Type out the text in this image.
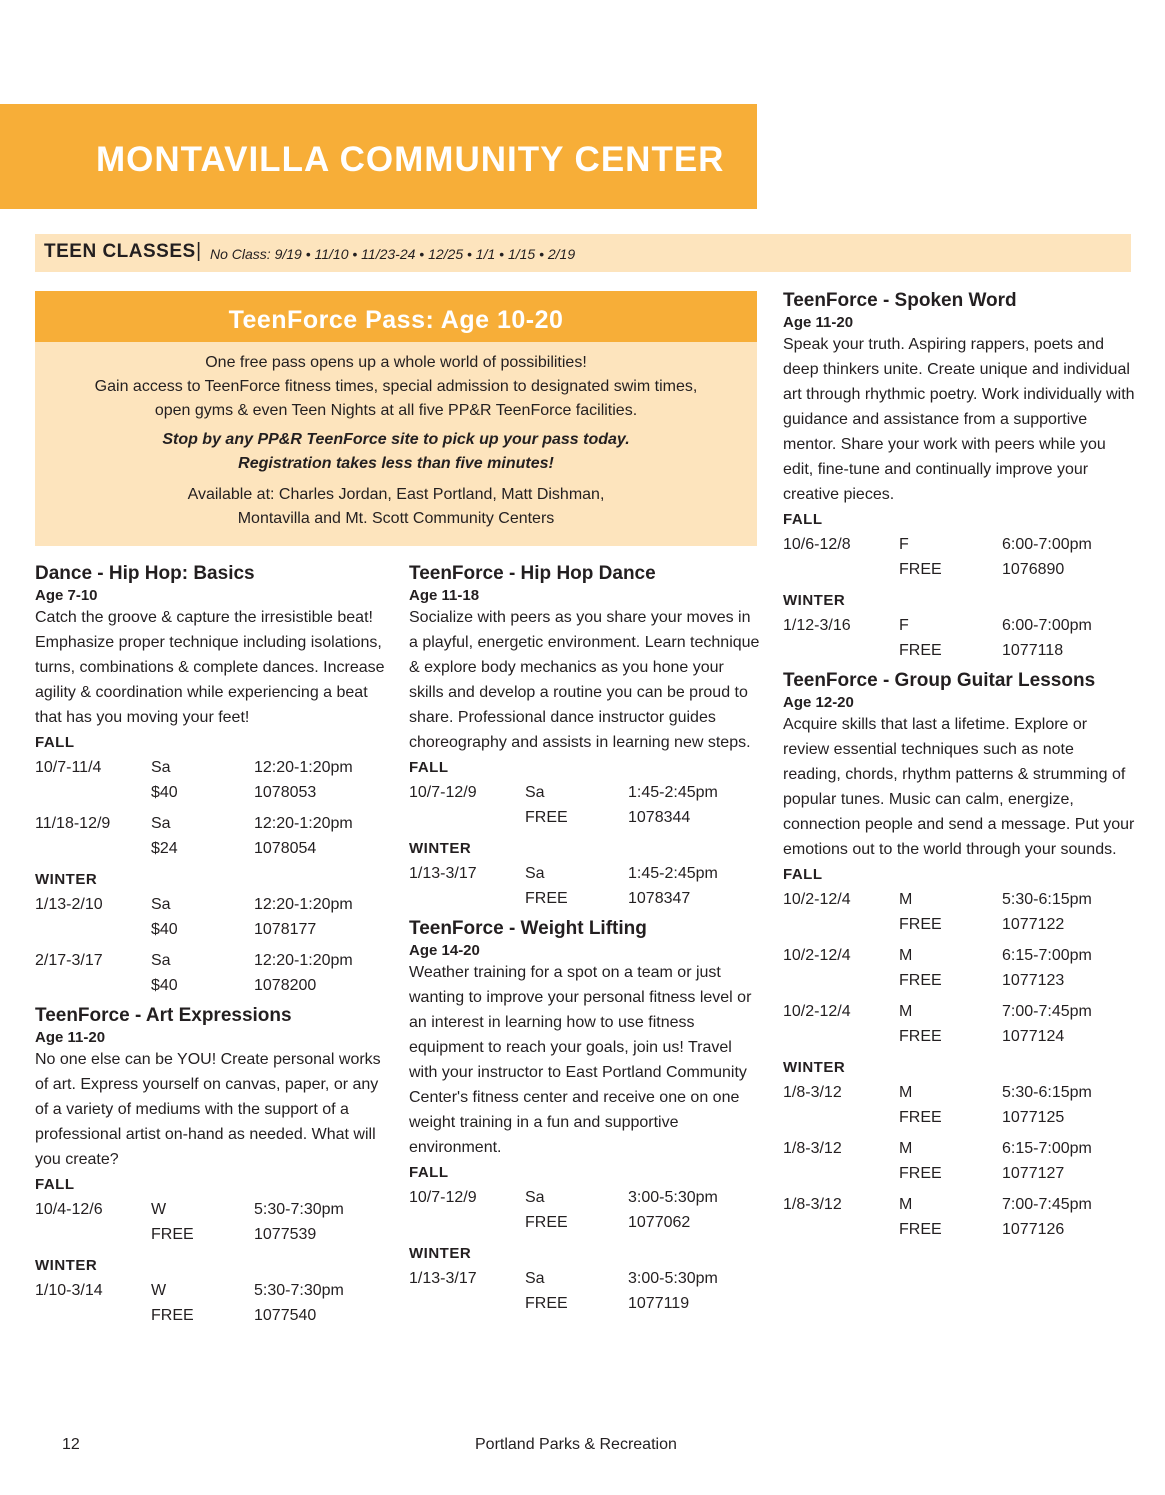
MONTAVILLA COMMUNITY CENTER
TEEN CLASSES | No Class: 9/19 • 11/10 • 11/23-24 • 12/25 • 1/1 • 1/15 • 2/19
TeenForce Pass: Age 10-20

One free pass opens up a whole world of possibilities!

Gain access to TeenForce fitness times, special admission to designated swim times,

open gyms & even Teen Nights at all five PP&R TeenForce facilities.

Stop by any PP&R TeenForce site to pick up your pass today.

Registration takes less than five minutes!

Available at: Charles Jordan, East Portland, Matt Dishman,

Montavilla and Mt. Scott Community Centers

Dance - Hip Hop: Basics
Age 7-10

Catch the groove & capture the irresistible beat! Emphasize proper technique including isolations, turns, combinations & complete dances. Increase agility & coordination while experiencing a beat that has you moving your feet!

FALL
10/7-11/4	Sa	12:20-1:20pm
$40	1078053
11/18-12/9	Sa	12:20-1:20pm
$24	1078054
WINTER
1/13-2/10	Sa	12:20-1:20pm
$40	1078177
2/17-3/17	Sa	12:20-1:20pm
$40	1078200
TeenForce - Art Expressions
Age 11-20

No one else can be YOU! Create personal works of art. Express yourself on canvas, paper, or any of a variety of mediums with the support of a professional artist on-hand as needed. What will you create?

FALL
10/4-12/6	W	5:30-7:30pm
FREE	1077539
WINTER
1/10-3/14	W	5:30-7:30pm
FREE	1077540
TeenForce - Hip Hop Dance
Age 11-18

Socialize with peers as you share your moves in a playful, energetic environment. Learn technique & explore body mechanics as you hone your skills and develop a routine you can be proud to share. Professional dance instructor guides choreography and assists in learning new steps.

FALL
10/7-12/9	Sa	1:45-2:45pm
FREE	1078344
WINTER
1/13-3/17	Sa	1:45-2:45pm
FREE	1078347
TeenForce - Weight Lifting
Age 14-20

Weather training for a spot on a team or just wanting to improve your personal fitness level or an interest in learning how to use fitness equipment to reach your goals, join us! Travel with your instructor to East Portland Community Center's fitness center and receive one on one weight training in a fun and supportive environment.

FALL
10/7-12/9	Sa	3:00-5:30pm
FREE	1077062
WINTER
1/13-3/17	Sa	3:00-5:30pm
FREE	1077119
TeenForce - Spoken Word
Age 11-20

Speak your truth. Aspiring rappers, poets and deep thinkers unite. Create unique and individual art through rhythmic poetry. Work individually with guidance and assistance from a supportive mentor. Share your work with peers while you edit, fine-tune and continually improve your creative pieces.

FALL
10/6-12/8	F	6:00-7:00pm
FREE	1076890
WINTER
1/12-3/16	F	6:00-7:00pm
FREE	1077118
TeenForce - Group Guitar Lessons
Age 12-20

Acquire skills that last a lifetime. Explore or review essential techniques such as note reading, chords, rhythm patterns & strumming of popular tunes. Music can calm, energize, connection people and send a message. Put your emotions out to the world through your sounds.

FALL
10/2-12/4	M	5:30-6:15pm
FREE	1077122
10/2-12/4	M	6:15-7:00pm
FREE	1077123
10/2-12/4	M	7:00-7:45pm
FREE	1077124
WINTER
1/8-3/12	M	5:30-6:15pm
FREE	1077125
1/8-3/12	M	6:15-7:00pm
FREE	1077127
1/8-3/12	M	7:00-7:45pm
FREE	1077126
12	Portland Parks & Recreation
